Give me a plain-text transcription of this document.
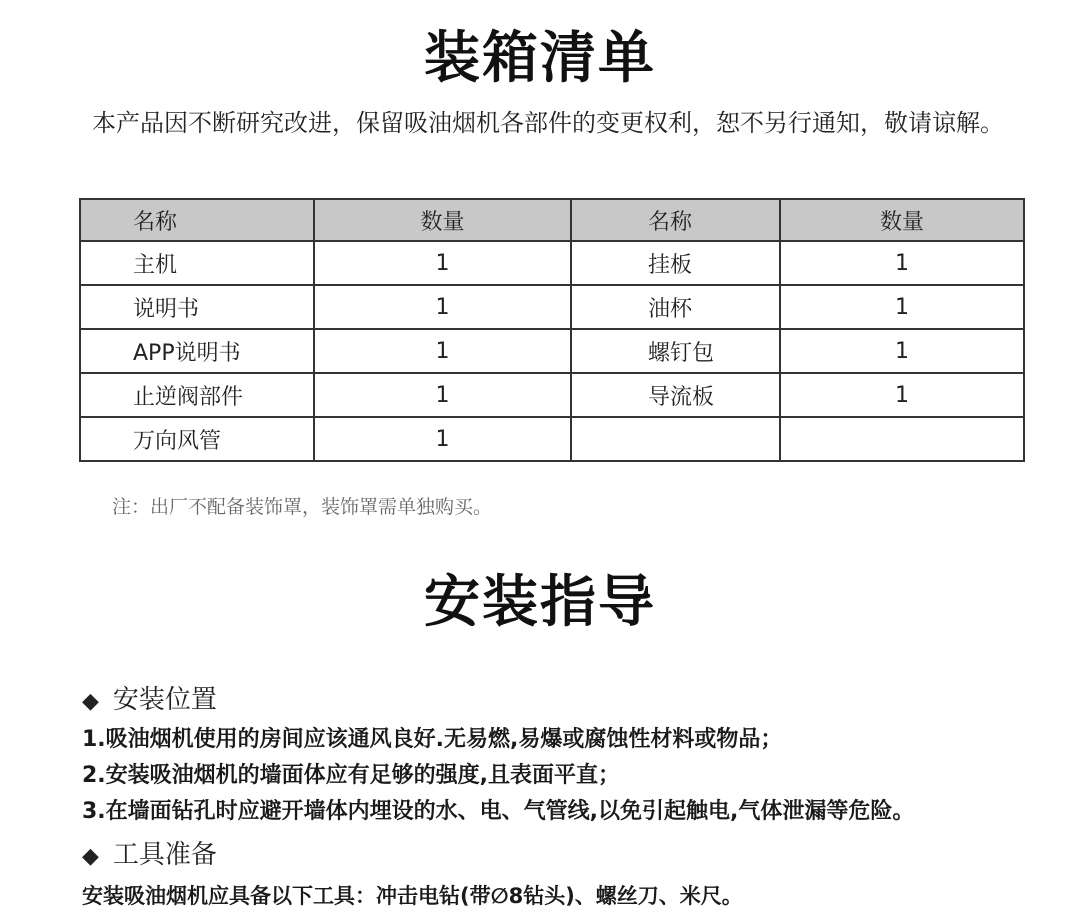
装箱清单
本产品因不断研究改进，保留吸油烟机各部件的变更权利，恕不另行通知，敬请谅解。
名称	数量	名称	数量
主机	1	挂板	1
说明书	1	油杯	1
APP说明书	1	螺钉包	1
止逆阀部件	1	导流板	1
万向风管	1		
注：出厂不配备装饰罩，装饰罩需单独购买。
安装指导
◆ 安装位置
1.吸油烟机使用的房间应该通风良好.无易燃,易爆或腐蚀性材料或物品；
2.安装吸油烟机的墙面体应有足够的强度,且表面平直；
3.在墙面钻孔时应避开墙体内埋设的水、电、气管线,以免引起触电,气体泄漏等危险。
◆ 工具准备
安装吸油烟机应具备以下工具：冲击电钻(带∅8钻头)、螺丝刀、米尺。
